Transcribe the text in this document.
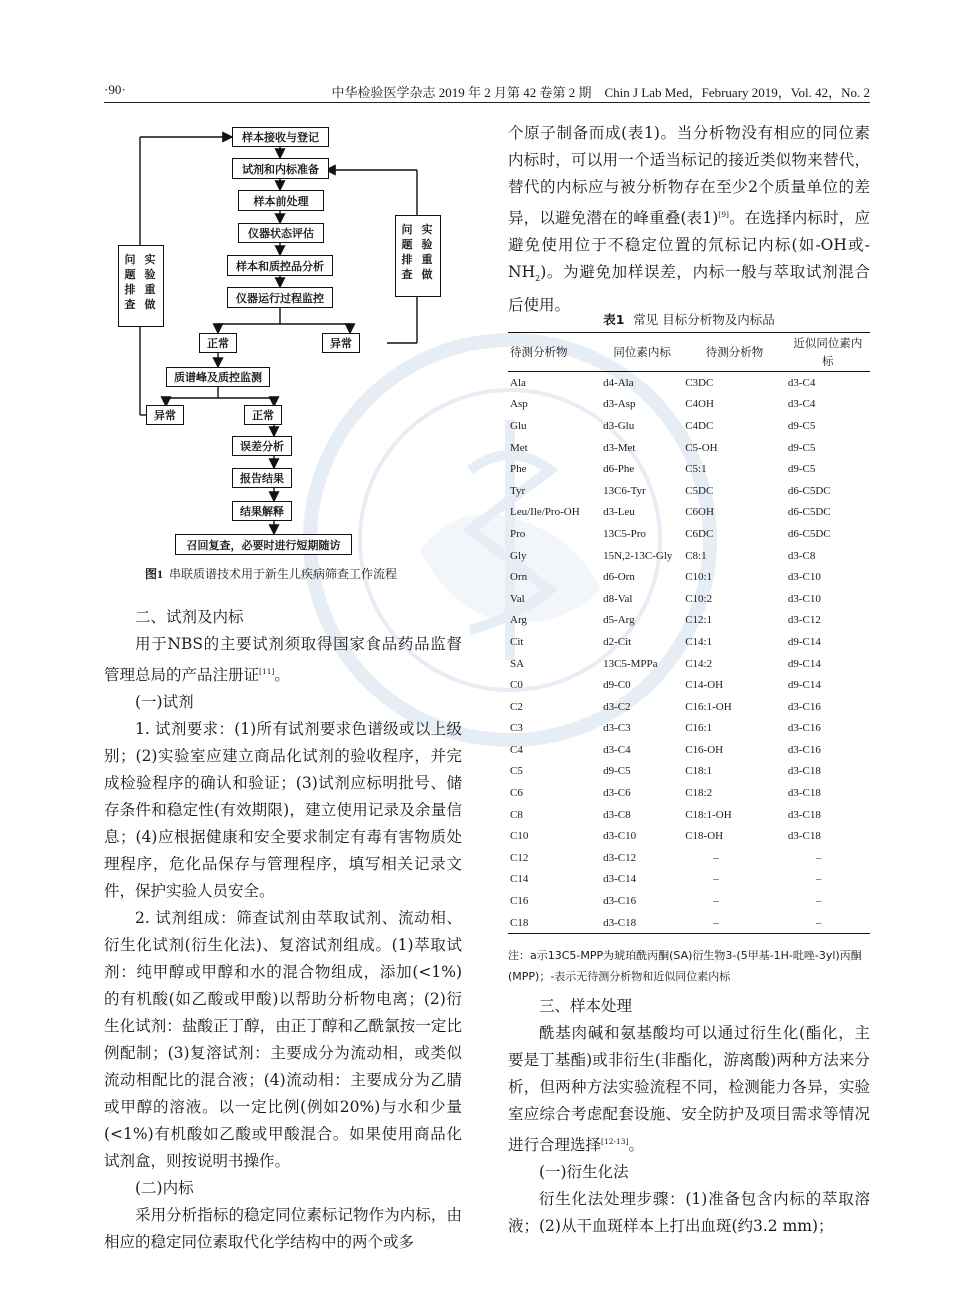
·90·	中华检验医学杂志 2019 年 2 月第 42 卷第 2 期　Chin J Lab Med，February 2019，Vol. 42，No. 2
样本接收与登记
试剂和内标准备
样本前处理
仪器状态评估
样本和质控品分析
仪器运行过程监控
正常	异常
质谱峰及质控监测
异常	正常
误差分析
报告结果
结果解释
召回复查，必要时进行短期随访
问题排查
实验重做
问题排查
实验重做
图1 串联质谱技术用于新生儿疾病筛查工作流程

二、试剂及内标

用于NBS的主要试剂须取得国家食品药品监督管理总局的产品注册证[11]。

(一)试剂

1. 试剂要求：(1)所有试剂要求色谱级或以上级别；(2)实验室应建立商品化试剂的验收程序，并完成检验程序的确认和验证；(3)试剂应标明批号、储存条件和稳定性(有效期限)，建立使用记录及余量信息；(4)应根据健康和安全要求制定有毒有害物质处理程序，危化品保存与管理程序，填写相关记录文件，保护实验人员安全。

2. 试剂组成：筛查试剂由萃取试剂、流动相、衍生化试剂(衍生化法)、复溶试剂组成。(1)萃取试剂：纯甲醇或甲醇和水的混合物组成，添加(<1%)的有机酸(如乙酸或甲酸)以帮助分析物电离；(2)衍生化试剂：盐酸正丁醇，由正丁醇和乙酰氯按一定比例配制；(3)复溶试剂：主要成分为流动相，或类似流动相配比的混合液；(4)流动相：主要成分为乙腈或甲醇的溶液。以一定比例(例如20%)与水和少量(<1%)有机酸如乙酸或甲酸混合。如果使用商品化试剂盒，则按说明书操作。

(二)内标

采用分析指标的稳定同位素标记物作为内标，由相应的稳定同位素取代化学结构中的两个或多

个原子制备而成(表1)。当分析物没有相应的同位素内标时，可以用一个适当标记的接近类似物来替代，替代的内标应与被分析物存在至少2个质量单位的差异，以避免潜在的峰重叠(表1)[9]。在选择内标时，应避免使用位于不稳定位置的氘标记内标(如-OH或$-NH_2$)。为避免加样误差，内标一般与萃取试剂混合后使用。

表1 常见 目标分析物及内标品
待测分析物	同位素内标	待测分析物	近似同位素内标
Ala	d4-Ala	C3DC	d3-C4
Asp	d3-Asp	C4OH	d3-C4
Glu	d3-Glu	C4DC	d9-C5
Met	d3-Met	C5-OH	d9-C5
Phe	d6-Phe	C5:1	d9-C5
Tyr	13C6-Tyr	C5DC	d6-C5DC
Leu/Ile/Pro-OH	d3-Leu	C6OH	d6-C5DC
Pro	13C5-Pro	C6DC	d6-C5DC
Gly	15N,2-13C-Gly	C8:1	d3-C8
Orn	d6-Orn	C10:1	d3-C10
Val	d8-Val	C10:2	d3-C10
Arg	d5-Arg	C12:1	d3-C12
Cit	d2-Cit	C14:1	d9-C14
SA	13C5-MPPa	C14:2	d9-C14
C0	d9-C0	C14-OH	d9-C14
C2	d3-C2	C16:1-OH	d3-C16
C3	d3-C3	C16:1	d3-C16
C4	d3-C4	C16-OH	d3-C16
C5	d9-C5	C18:1	d3-C18
C6	d3-C6	C18:2	d3-C18
C8	d3-C8	C18:1-OH	d3-C18
C10	d3-C10	C18-OH	d3-C18
C12	d3-C12	–	–
C14	d3-C14	–	–
C16	d3-C16	–	–
C18	d3-C18	–	–
注：a示13C5-MPP为琥珀酰丙酮(SA)衍生物3-(5甲基-1H-吡唑-3yl)丙酮(MPP)；-表示无待测分析物和近似同位素内标

三、样本处理

酰基肉碱和氨基酸均可以通过衍生化(酯化，主要是丁基酯)或非衍生(非酯化，游离酸)两种方法来分析，但两种方法实验流程不同，检测能力各异，实验室应综合考虑配套设施、安全防护及项目需求等情况进行合理选择[12-13]。

(一)衍生化法

衍生化法处理步骤：(1)准备包含内标的萃取溶液；(2)从干血斑样本上打出血斑(约3.2 mm)；
